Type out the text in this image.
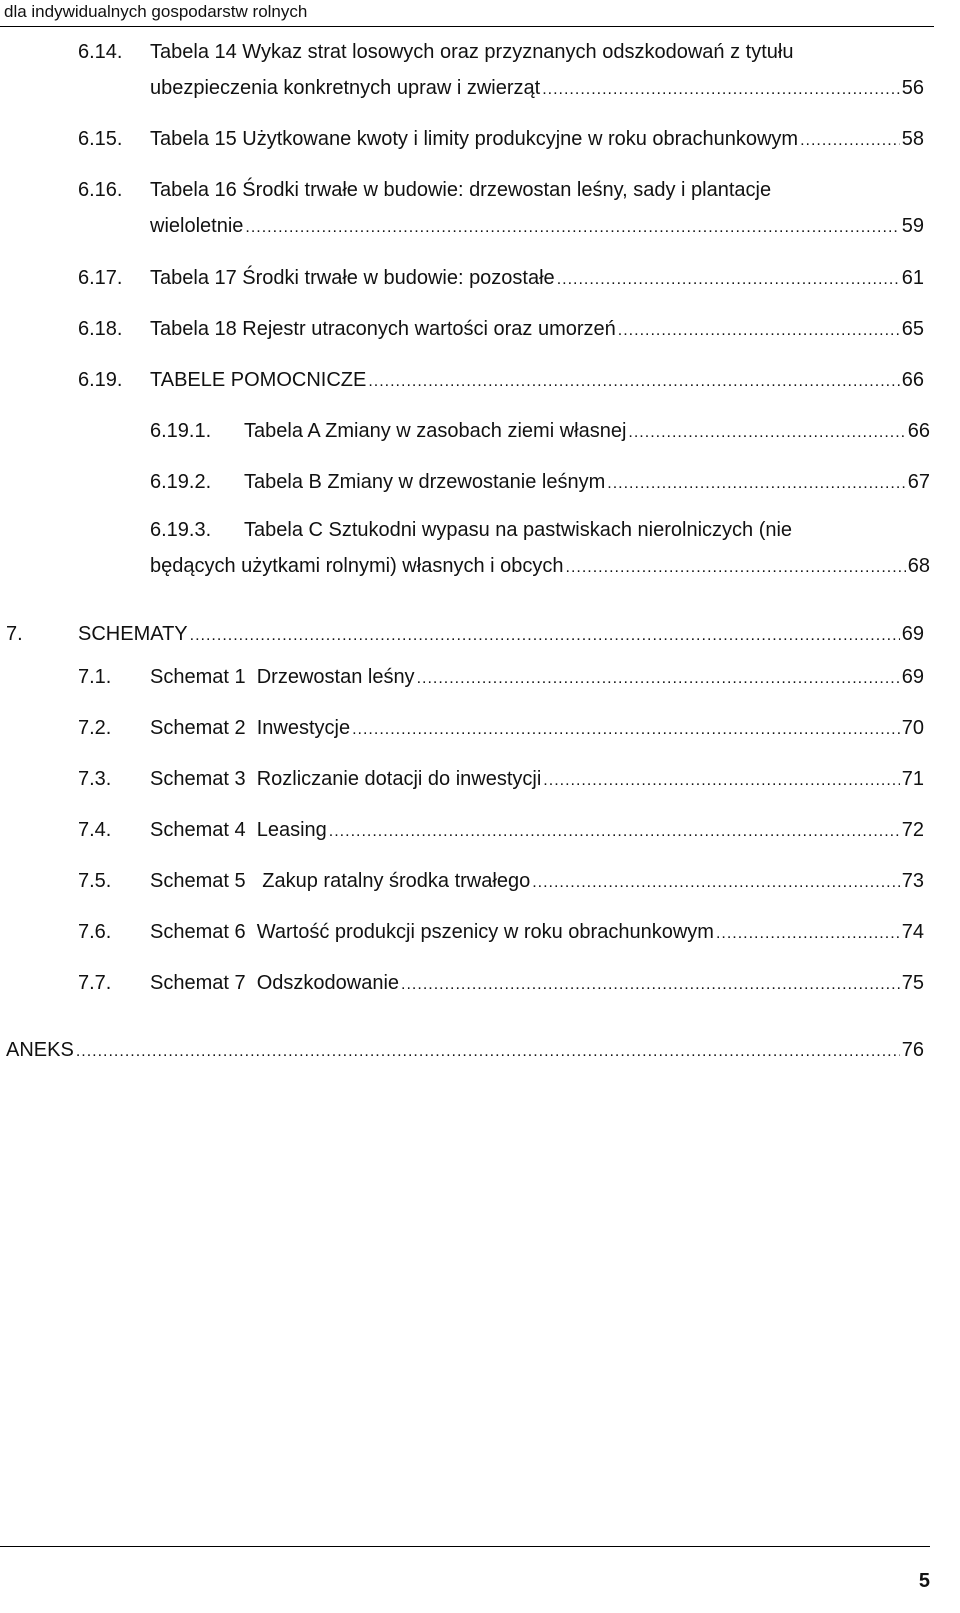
dla indywidualnych gospodarstw rolnych
6.14.	Tabela 14 Wykaz strat losowych oraz przyznanych odszkodowań z tytułu
ubezpieczenia konkretnych upraw i zwierząt .....	56
6.15.	Tabela 15 Użytkowane kwoty i limity produkcyjne w roku obrachunkowym .....	58
6.16.	Tabela 16 Środki trwałe w budowie: drzewostan leśny, sady i plantacje
wieloletnie .....	59
6.17.	Tabela 17 Środki trwałe w budowie: pozostałe .....	61
6.18.	Tabela 18 Rejestr utraconych wartości oraz umorzeń .....	65
6.19.	TABELE POMOCNICZE .....	66
6.19.1.	Tabela A Zmiany w zasobach ziemi własnej .....	66
6.19.2.	Tabela B Zmiany w drzewostanie leśnym .....	67
6.19.3.	Tabela C Sztukodni wypasu na pastwiskach nierolniczych (nie
będących użytkami rolnymi) własnych i obcych .....	68
7.	SCHEMATY .....	69
7.1.	Schemat 1  Drzewostan leśny .....	69
7.2.	Schemat 2  Inwestycje .....	70
7.3.	Schemat 3  Rozliczanie dotacji do inwestycji .....	71
7.4.	Schemat 4  Leasing .....	72
7.5.	Schemat 5   Zakup ratalny środka trwałego .....	73
7.6.	Schemat 6  Wartość produkcji pszenicy w roku obrachunkowym .....	74
7.7.	Schemat 7  Odszkodowanie .....	75
ANEKS .....	76
5
